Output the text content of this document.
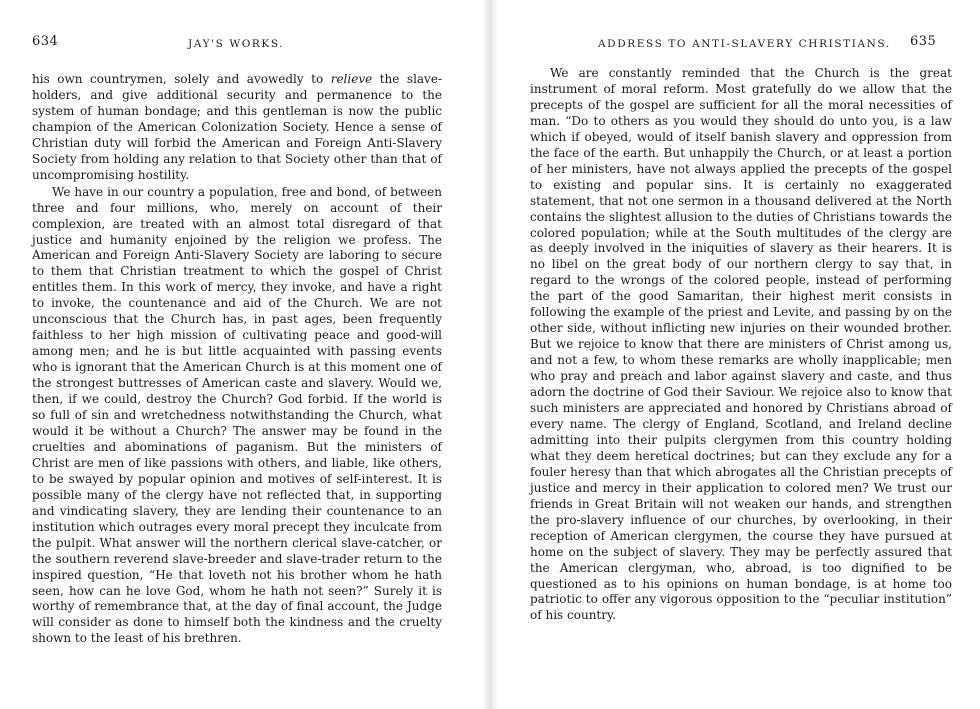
634	JAY'S WORKS.

his own countrymen, solely and avowedly to relieve the slave-holders, and give additional security and permanence to the system of human bondage; and this gentleman is now the public champion of the American Colonization Society. Hence a sense of Christian duty will forbid the American and Foreign Anti-Slavery Society from holding any relation to that Society other than that of uncompromising hostility.

We have in our country a population, free and bond, of between three and four millions, who, merely on account of their complexion, are treated with an almost total disregard of that justice and humanity enjoined by the religion we profess. The American and Foreign Anti-Slavery Society are laboring to secure to them that Christian treatment to which the gospel of Christ entitles them. In this work of mercy, they invoke, and have a right to invoke, the countenance and aid of the Church. We are not unconscious that the Church has, in past ages, been frequently faithless to her high mission of cultivating peace and good-will among men; and he is but little acquainted with passing events who is ignorant that the American Church is at this moment one of the strongest buttresses of American caste and slavery. Would we, then, if we could, destroy the Church? God forbid. If the world is so full of sin and wretchedness notwithstanding the Church, what would it be without a Church? The answer may be found in the cruelties and abominations of paganism. But the ministers of Christ are men of like passions with others, and liable, like others, to be swayed by popular opinion and motives of self-interest. It is possible many of the clergy have not reflected that, in supporting and vindicating slavery, they are lending their countenance to an institution which outrages every moral precept they inculcate from the pulpit. What answer will the northern clerical slave-catcher, or the southern reverend slave-breeder and slave-trader return to the inspired question, “He that loveth not his brother whom he hath seen, how can he love God, whom he hath not seen?” Surely it is worthy of remembrance that, at the day of final account, the Judge will consider as done to himself both the kindness and the cruelty shown to the least of his brethren.

ADDRESS TO ANTI-SLAVERY CHRISTIANS. 635

We are constantly reminded that the Church is the great instrument of moral reform. Most gratefully do we allow that the precepts of the gospel are sufficient for all the moral necessities of man. “Do to others as you would they should do unto you, is a law which if obeyed, would of itself banish slavery and oppression from the face of the earth. But unhappily the Church, or at least a portion of her ministers, have not always applied the precepts of the gospel to existing and popular sins. It is certainly no exaggerated statement, that not one sermon in a thousand delivered at the North contains the slightest allusion to the duties of Christians towards the colored population; while at the South multitudes of the clergy are as deeply involved in the iniquities of slavery as their hearers. It is no libel on the great body of our northern clergy to say that, in regard to the wrongs of the colored people, instead of performing the part of the good Samaritan, their highest merit consists in following the example of the priest and Levite, and passing by on the other side, without inflicting new injuries on their wounded brother. But we rejoice to know that there are ministers of Christ among us, and not a few, to whom these remarks are wholly inapplicable; men who pray and preach and labor against slavery and caste, and thus adorn the doctrine of God their Saviour. We rejoice also to know that such ministers are appreciated and honored by Christians abroad of every name. The clergy of England, Scotland, and Ireland decline admitting into their pulpits clergymen from this country holding what they deem heretical doctrines; but can they exclude any for a fouler heresy than that which abrogates all the Christian precepts of justice and mercy in their application to colored men? We trust our friends in Great Britain will not weaken our hands, and strengthen the pro-slavery influence of our churches, by overlooking, in their reception of American clergymen, the course they have pursued at home on the subject of slavery. They may be perfectly assured that the American clergyman, who, abroad, is too dignified to be questioned as to his opinions on human bondage, is at home too patriotic to offer any vigorous opposition to the “peculiar institution” of his country.
